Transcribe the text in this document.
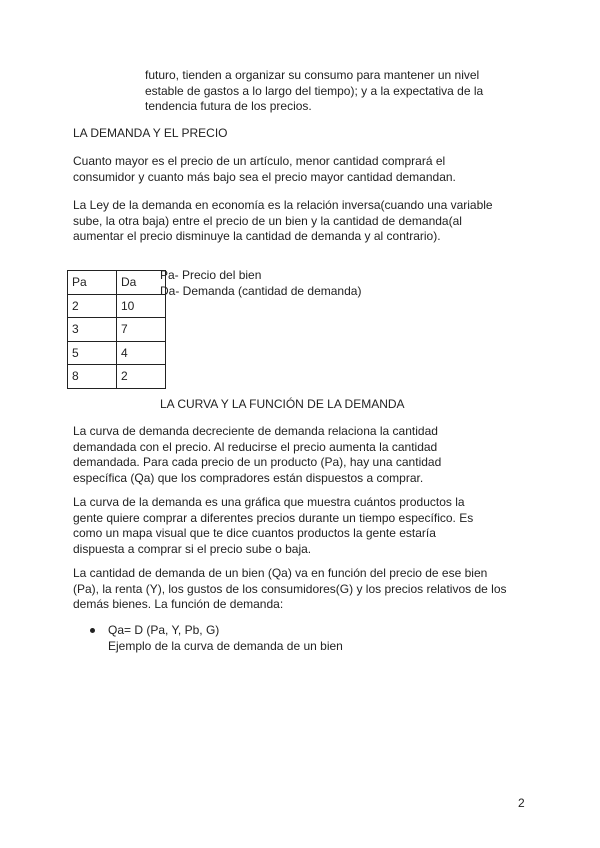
futuro, tienden a organizar su consumo para mantener un nivel
estable de gastos a lo largo del tiempo); y a la expectativa de la
tendencia futura de los precios.
LA DEMANDA Y EL PRECIO
Cuanto mayor es el precio de un artículo, menor cantidad comprará el
consumidor y cuanto más bajo sea el precio mayor cantidad demandan.
La Ley de la demanda en economía es la relación inversa(cuando una variable
sube, la otra baja) entre el precio de un bien y la cantidad de demanda(al
aumentar el precio disminuye la cantidad de demanda y al contrario).
Pa	Da
2	10
3	7
5	4
8	2
Pa- Precio del bien
Da- Demanda (cantidad de demanda)
LA CURVA Y LA FUNCIÓN DE LA DEMANDA
La curva de demanda decreciente de demanda relaciona la cantidad
demandada con el precio. Al reducirse el precio aumenta la cantidad
demandada. Para cada precio de un producto (Pa), hay una cantidad
específica (Qa) que los compradores están dispuestos a comprar.
La curva de la demanda es una gráfica que muestra cuántos productos la
gente quiere comprar a diferentes precios durante un tiempo específico. Es
como un mapa visual que te dice cuantos productos la gente estaría
dispuesta a comprar si el precio sube o baja.
La cantidad de demanda de un bien (Qa) va en función del precio de ese bien
(Pa), la renta (Y), los gustos de los consumidores(G) y los precios relativos de los
demás bienes. La función de demanda:
Qa= D (Pa, Y, Pb, G)
Ejemplo de la curva de demanda de un bien
2
